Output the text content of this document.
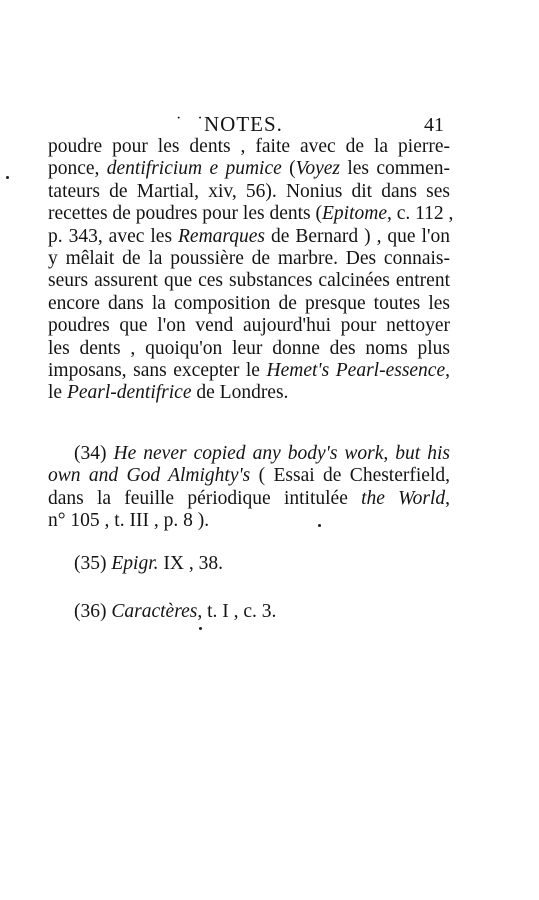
· ·
NOTES.	41
poudre pour les dents , faite avec de la pierre-
ponce, dentifricium e pumice (Voyez les commen-
tateurs de Martial, xiv, 56). Nonius dit dans ses
recettes de poudres pour les dents (Epitome, c. 112 ,
p. 343, avec les Remarques de Bernard ) , que l'on
y mêlait de la poussière de marbre. Des connais-
seurs assurent que ces substances calcinées entrent
encore dans la composition de presque toutes les
poudres que l'on vend aujourd'hui pour nettoyer
les dents , quoiqu'on leur donne des noms plus
imposans, sans excepter le Hemet's Pearl-essence,
le Pearl-dentifrice de Londres.
(34) He never copied any body's work, but his
own and God Almighty's ( Essai de Chesterfield,
dans la feuille périodique intitulée the World,
n° 105 , t. III , p. 8 ).
(35) Epigr. IX , 38.
(36) Caractères, t. I , c. 3.
